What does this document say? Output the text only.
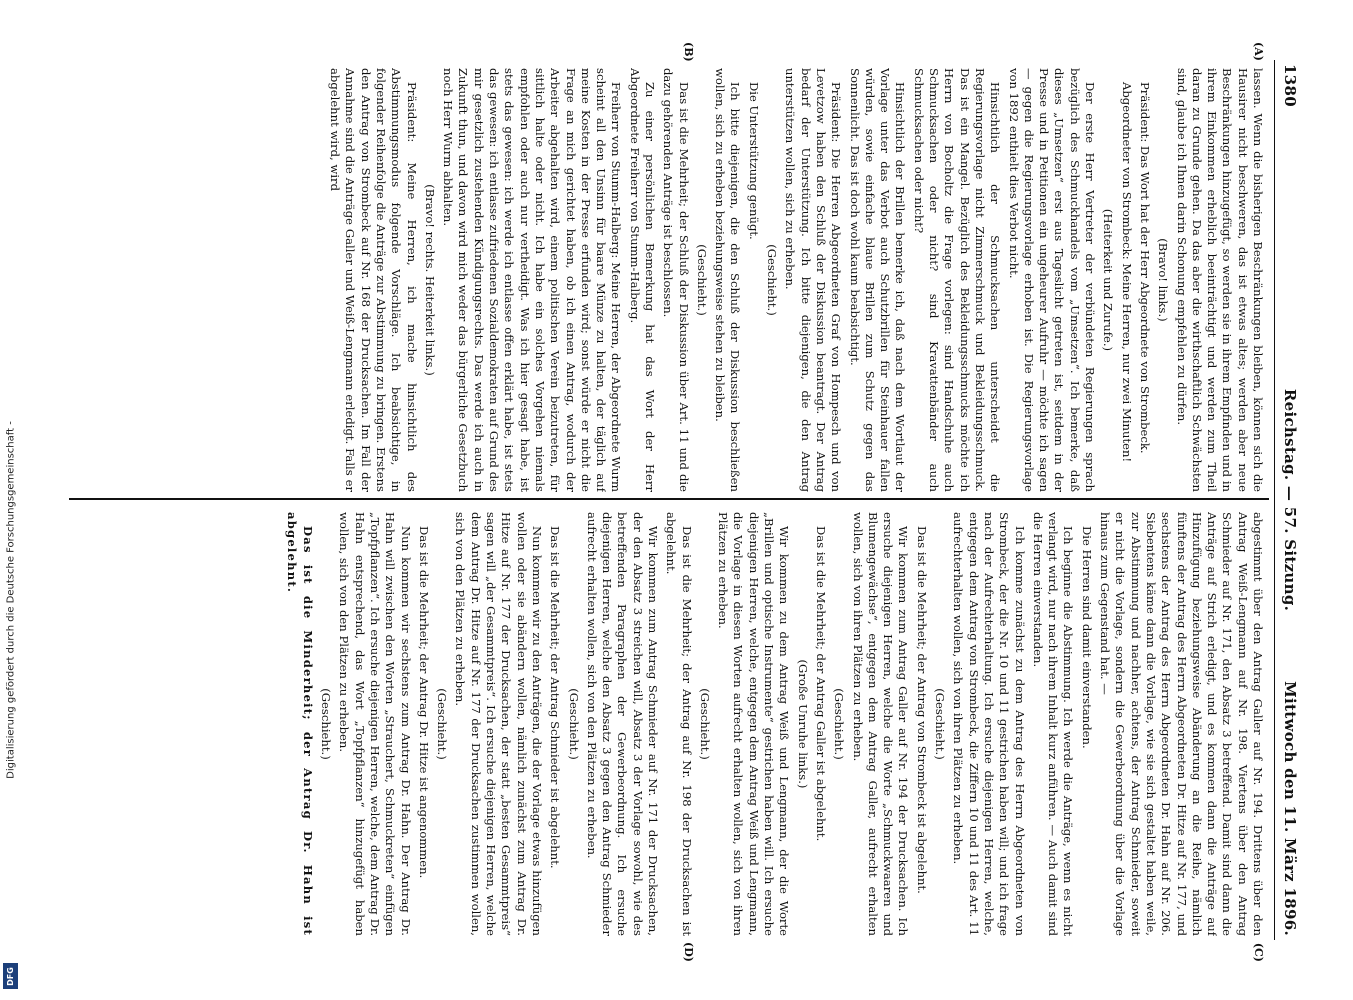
Digitalisierung gefördert durch die Deutsche Forschungsgemeinschaft -
DFG
1380
Reichstag. — 57. Sitzung.
Mittwoch den 11. März 1896.
(A)
(B)
(C)
(D)

lassen. Wenn die bisherigen Beschränkungen bleiben, können sich die Hausirer nicht beschweren, das ist etwas altes; werden aber neue Beschränkungen hinzugefügt, so werden sie in ihrem Empfinden und in ihrem Einkommen erheblich beeinträchtigt und werden zum Theil daran zu Grunde gehen. Da das aber die wirthschaftlich Schwächsten sind, glaube ich Ihnen darin Schonung empfehlen zu dürfen.

(Bravo! links.)

Präsident: Das Wort hat der Herr Abgeordnete von Strombeck.

Abgeordneter von Strombeck: Meine Herren, nur zwei Minuten!

(Heiterkeit und Zurufe.)

Der erste Herr Vertreter der verbündeten Regierungen sprach bezüglich des Schmuckhandels vom „Umsetzen“. Ich bemerke, daß dieses „Umsetzen“ erst aus Tageslicht getreten ist, seitdem in der Presse und in Petitionen ein ungeheurer Aufruhr — möchte ich sagen — gegen die Regierungsvorlage erhoben ist. Die Regierungsvorlage von 1892 enthielt dies Verbot nicht.

Hinsichtlich der Schmucksachen unterscheidet die Regierungsvorlage nicht Zimmerschmuck und Bekleidungsschmuck. Das ist ein Mangel. Bezüglich des Bekleidungsschmucks möchte ich Herrn von Bocholtz die Frage vorlegen: sind Handschuhe auch Schmucksachen oder nicht? sind Kravattenbänder auch Schmucksachen oder nicht?

Hinsichtlich der Brillen bemerke ich, daß nach dem Wortlaut der Vorlage unter das Verbot auch Schutzbrillen für Steinhauer fallen würden, sowie einfache blaue Brillen zum Schutz gegen das Sonnenlicht. Das ist doch wohl kaum beabsichtigt.

Präsident: Die Herren Abgeordneten Graf von Hompesch und von Levetzow haben den Schluß der Diskussion beantragt. Der Antrag bedarf der Unterstützung. Ich bitte diejenigen, die den Antrag unterstützen wollen, sich zu erheben.

(Geschieht.)

Die Unterstützung genügt.

Ich bitte diejenigen, die den Schluß der Diskussion beschließen wollen, sich zu erheben beziehungsweise stehen zu bleiben.

(Geschieht.)

Das ist die Mehrheit; der Schluß der Diskussion über Art. 11 und die dazu gehörenden Anträge ist beschlossen.

Zu einer persönlichen Bemerkung hat das Wort der Herr Abgeordnete Freiherr von Stumm-Halberg.

Freiherr von Stumm-Halberg: Meine Herren, der Abgeordnete Wurm scheint all den Unsinn für baare Münze zu halten, der täglich auf meine Kosten in der Presse erfunden wird; sonst würde er nicht die Frage an mich gerichtet haben, ob ich einen Antrag, wodurch der Arbeiter abgehalten wird, einem politischen Verein beizutreten, für sittlich halte oder nicht. Ich habe ein solches Vorgehen niemals empfohlen oder auch nur vertheidigt. Was ich hier gesagt habe, ist stets das gewesen: ich werde ich entlasse offen erklärt habe, ist stets das gewesen: ich entlasse zufriedenen Sozialdemokraten auf Grund des mir gesetzlich zustehenden Kündigungsrechts. Das werde ich auch in Zukunft thun, und davon wird mich weder das bürgerliche Gesetzbuch noch Herr Wurm abhalten.

(Bravo! rechts. Heiterkeit links.)

Präsident: Meine Herren, ich mache hinsichtlich des Abstimmungsmodus folgende Vorschläge. Ich beabsichtige, in folgender Reihenfolge die Anträge zur Abstimmung zu bringen. Erstens den Antrag von Strombeck auf Nr. 168 der Drucksachen. Im Fall der Annahme sind die Anträge Galler und Weiß-Lengmann erledigt. Falls er abgelehnt wird, wird

abgestimmt über den Antrag Galler auf Nr. 194. Drittens über den Antrag Weiß-Lengmann auf Nr. 198. Viertens über den Antrag Schmieder auf Nr. 171, den Absatz 3 betreffend. Damit sind dann die Anträge auf Strich erledigt, und es kommen dann die Anträge auf Hinzufügung beziehungsweise Abänderung an die Reihe, nämlich fünftens der Antrag des Herrn Abgeordneten Dr. Hitze auf Nr. 177, und sechstens der Antrag des Herrn Abgeordneten Dr. Hahn auf Nr. 206. Siebentens käme dann die Vorlage, wie sie sich gestaltet haben weile, zur Abstimmung und nachher, achtens, der Antrag Schmieder, soweit er nicht die Vorlage, sondern die Gewerbeordnung über die Vorlage hinaus zum Gegenstand hat. —

Die Herren sind damit einverstanden.

Ich beginne die Abstimmung. Ich werde die Anträge, wenn es nicht verlangt wird, nur nach ihrem Inhalt kurz anführen. — Auch damit sind die Herren einverstanden.

Ich komme zunächst zu dem Antrag des Herrn Abgeordneten von Strombeck, der die Nr. 10 und 11 gestrichen haben will; und ich frage nach der Aufrechterhaltung. Ich ersuche diejenigen Herren, welche, entgegen dem Antrag von Strombeck, die Ziffern 10 und 11 des Art. 11 aufrechterhalten wollen, sich von ihren Plätzen zu erheben.

(Geschieht.)

Das ist die Mehrheit; der Antrag von Strombeck ist abgelehnt.

Wir kommen zum Antrag Galler auf Nr. 194 der Drucksachen. Ich ersuche diejenigen Herren, welche die Worte „Schmuckwaaren und Blumengewächse“, entgegen dem Antrag Galler, aufrecht erhalten wollen, sich von ihren Plätzen zu erheben.

(Geschieht.)

Das ist die Mehrheit; der Antrag Galler ist abgelehnt.

(Große Unruhe links.)

Wir kommen zu dem Antrag Weiß und Lengmann, der die Worte „Brillen und optische Instrumente“ gestrichen haben will. Ich ersuche diejenigen Herren, welche, entgegen dem Antrag Weiß und Lengmann, die Vorlage in diesen Worten aufrecht erhalten wollen, sich von ihren Plätzen zu erheben.

(Geschieht.)

Das ist die Mehrheit; der Antrag auf Nr. 198 der Drucksachen ist abgelehnt.

Wir kommen zum Antrag Schmieder auf Nr. 171 der Drucksachen, der den Absatz 3 streichen will, Absatz 3 der Vorlage sowohl, wie des betreffenden Paragraphen der Gewerbeordnung. Ich ersuche diejenigen Herren, welche den Absatz 3 gegen den Antrag Schmieder aufrecht erhalten wollen, sich von den Plätzen zu erheben.

(Geschieht.)

Das ist die Mehrheit; der Antrag Schmieder ist abgelehnt.

Nun kommen wir zu den Anträgen, die der Vorlage etwas hinzufügen wollen oder sie abändern wollen, nämlich zunächst zum Antrag Dr. Hitze auf Nr. 177 der Drucksachen, der statt „besten Gesammtpreis“ sagen will „der Gesammtpreis“. Ich ersuche diejenigen Herren, welche dem Antrag Dr. Hitze auf Nr. 177 der Drucksachen zustimmen wollen, sich von den Plätzen zu erheben.

(Geschieht.)

Das ist die Mehrheit; der Antrag Dr. Hitze ist angenommen.

Nun kommen wir sechstens zum Antrag Dr. Hahn. Der Antrag Dr. Hahn will zwischen den Worten „Strauchert, Schmuckreten“ einfügen „Topfpflanzen“. Ich ersuche diejenigen Herren, welche, dem Antrag Dr. Hahn entsprechend, das Wort „Topfpflanzen“ hinzugefügt haben wollen, sich von den Plätzen zu erheben.

(Geschieht.)

Das ist die Minderheit; der Antrag Dr. Hahn ist abgelehnt.
